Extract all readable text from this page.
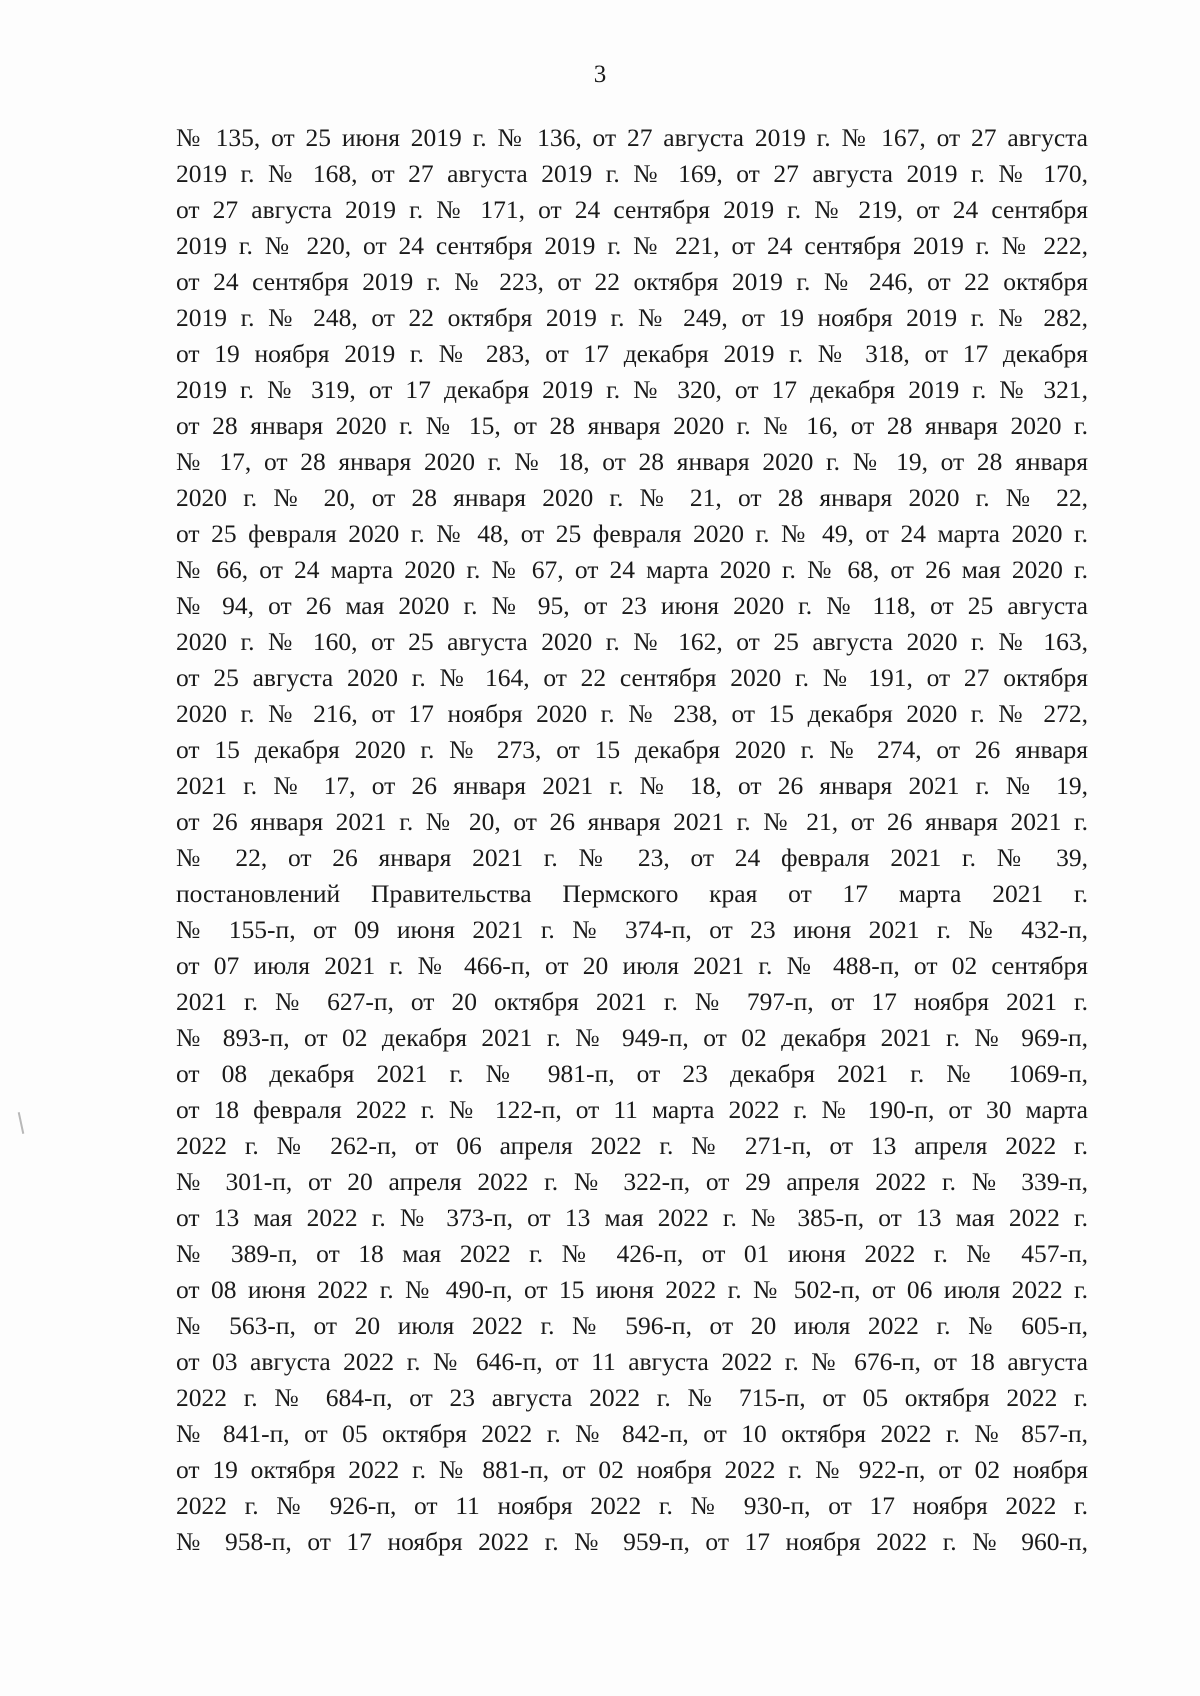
3
№ 135, от 25 июня 2019 г. № 136, от 27 августа 2019 г. № 167, от 27 августа
2019 г. № 168, от 27 августа 2019 г. № 169, от 27 августа 2019 г. № 170,
от 27 августа 2019 г. № 171, от 24 сентября 2019 г. № 219, от 24 сентября
2019 г. № 220, от 24 сентября 2019 г. № 221, от 24 сентября 2019 г. № 222,
от 24 сентября 2019 г. № 223, от 22 октября 2019 г. № 246, от 22 октября
2019 г. № 248, от 22 октября 2019 г. № 249, от 19 ноября 2019 г. № 282,
от 19 ноября 2019 г. № 283, от 17 декабря 2019 г. № 318, от 17 декабря
2019 г. № 319, от 17 декабря 2019 г. № 320, от 17 декабря 2019 г. № 321,
от 28 января 2020 г. № 15, от 28 января 2020 г. № 16, от 28 января 2020 г.
№ 17, от 28 января 2020 г. № 18, от 28 января 2020 г. № 19, от 28 января
2020 г. № 20, от 28 января 2020 г. № 21, от 28 января 2020 г. № 22,
от 25 февраля 2020 г. № 48, от 25 февраля 2020 г. № 49, от 24 марта 2020 г.
№ 66, от 24 марта 2020 г. № 67, от 24 марта 2020 г. № 68, от 26 мая 2020 г.
№ 94, от 26 мая 2020 г. № 95, от 23 июня 2020 г. № 118, от 25 августа
2020 г. № 160, от 25 августа 2020 г. № 162, от 25 августа 2020 г. № 163,
от 25 августа 2020 г. № 164, от 22 сентября 2020 г. № 191, от 27 октября
2020 г. № 216, от 17 ноября 2020 г. № 238, от 15 декабря 2020 г. № 272,
от 15 декабря 2020 г. № 273, от 15 декабря 2020 г. № 274, от 26 января
2021 г. № 17, от 26 января 2021 г. № 18, от 26 января 2021 г. № 19,
от 26 января 2021 г. № 20, от 26 января 2021 г. № 21, от 26 января 2021 г.
№ 22, от 26 января 2021 г. № 23, от 24 февраля 2021 г. № 39,
постановлений Правительства Пермского края от 17 марта 2021 г.
№ 155-п, от 09 июня 2021 г. № 374-п, от 23 июня 2021 г. № 432-п,
от 07 июля 2021 г. № 466-п, от 20 июля 2021 г. № 488-п, от 02 сентября
2021 г. № 627-п, от 20 октября 2021 г. № 797-п, от 17 ноября 2021 г.
№ 893-п, от 02 декабря 2021 г. № 949-п, от 02 декабря 2021 г. № 969-п,
от 08 декабря 2021 г. № 981-п, от 23 декабря 2021 г. № 1069-п,
от 18 февраля 2022 г. № 122-п, от 11 марта 2022 г. № 190-п, от 30 марта
2022 г. № 262-п, от 06 апреля 2022 г. № 271-п, от 13 апреля 2022 г.
№ 301-п, от 20 апреля 2022 г. № 322-п, от 29 апреля 2022 г. № 339-п,
от 13 мая 2022 г. № 373-п, от 13 мая 2022 г. № 385-п, от 13 мая 2022 г.
№ 389-п, от 18 мая 2022 г. № 426-п, от 01 июня 2022 г. № 457-п,
от 08 июня 2022 г. № 490-п, от 15 июня 2022 г. № 502-п, от 06 июля 2022 г.
№ 563-п, от 20 июля 2022 г. № 596-п, от 20 июля 2022 г. № 605-п,
от 03 августа 2022 г. № 646-п, от 11 августа 2022 г. № 676-п, от 18 августа
2022 г. № 684-п, от 23 августа 2022 г. № 715-п, от 05 октября 2022 г.
№ 841-п, от 05 октября 2022 г. № 842-п, от 10 октября 2022 г. № 857-п,
от 19 октября 2022 г. № 881-п, от 02 ноября 2022 г. № 922-п, от 02 ноября
2022 г. № 926-п, от 11 ноября 2022 г. № 930-п, от 17 ноября 2022 г.
№ 958-п, от 17 ноября 2022 г. № 959-п, от 17 ноября 2022 г. № 960-п,
